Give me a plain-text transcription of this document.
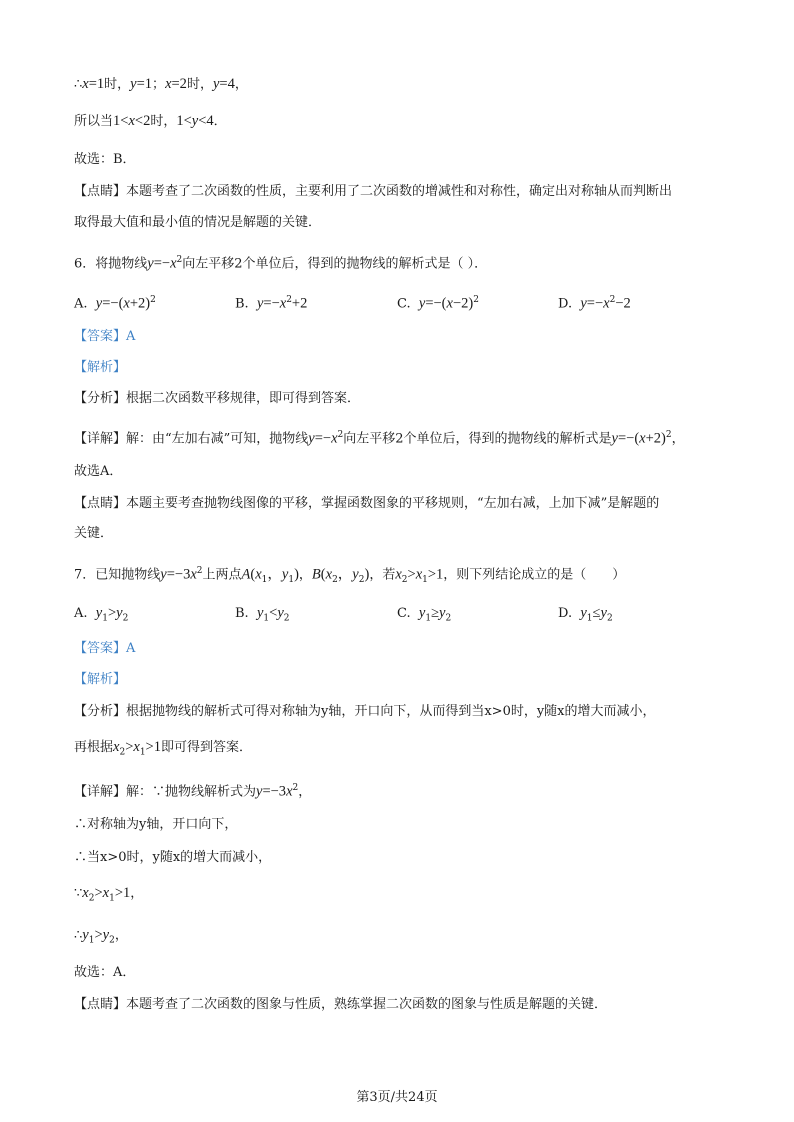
∴x=1时，y=1；x=2时，y=4，
所以当1<x<2时，1<y<4．
故选：B．
【点睛】本题考查了二次函数的性质，主要利用了二次函数的增减性和对称性，确定出对称轴从而判断出
取得最大值和最小值的情况是解题的关键．
6．将抛物线$y=-x^2$向左平移2个单位后，得到的抛物线的解析式是（ ）．
A. $y=-(x+2)^2$	B. $y=-x^2+2$	C. $y=-(x-2)^2$	D. $y=-x^2-2$
【答案】A
【解析】
【分析】根据二次函数平移规律，即可得到答案．
【详解】解：由“左加右减”可知，抛物线$y=-x^2$向左平移2个单位后，得到的抛物线的解析式是$y=-(x+2)^2$，
故选A．
【点睛】本题主要考查抛物线图像的平移，掌握函数图象的平移规则，“左加右减，上加下减”是解题的
关键．
7．已知抛物线$y=-3x^2$上两点$A(x_1$，$y_1$)，$B(x_2$，$y_2$)，若$x_2>x_1>1$，则下列结论成立的是（　　）
A. $y_1>y_2$	B. $y_1<y_2$	C. $y_1\ge y_2$	D. $y_1\le y_2$
【答案】A
【解析】
【分析】根据抛物线的解析式可得对称轴为y轴，开口向下，从而得到当x>0时，y随x的增大而减小，
再根据$x_2>x_1>1$即可得到答案．
【详解】解：∵抛物线解析式为$y=-3x^2$，
∴对称轴为y轴，开口向下，
∴当x>0时，y随x的增大而减小，
$\because x_2>x_1>1$，
$\therefore y_1>y_2$，
故选：A．
【点睛】本题考查了二次函数的图象与性质，熟练掌握二次函数的图象与性质是解题的关键．
第3页/共24页
